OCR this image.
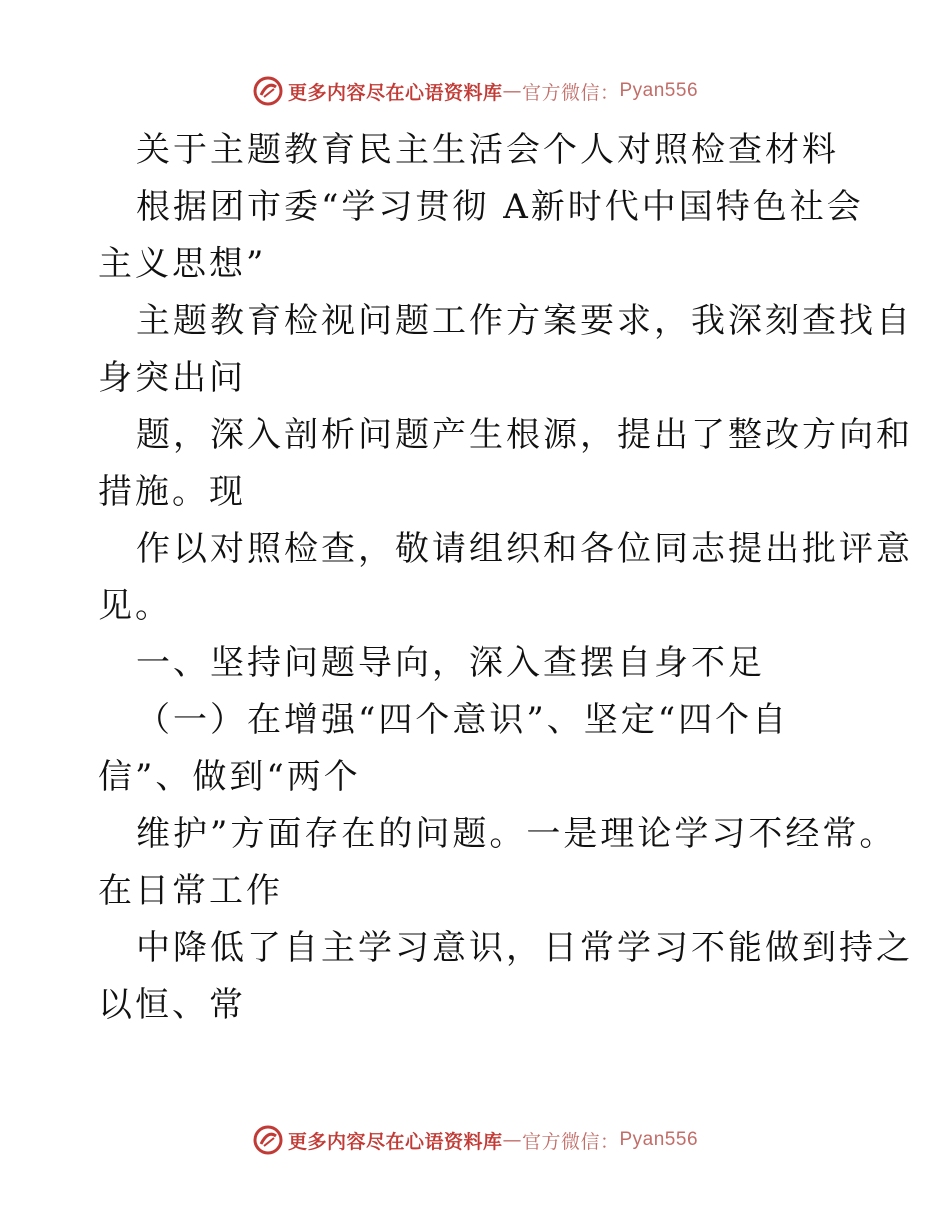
更多内容尽在心语资料库 — 官方微信： Pyan556
关于主题教育民主生活会个人对照检查材料
根据团市委“学习贯彻 A新时代中国特色社会
主义思想”
主题教育检视问题工作方案要求，我深刻查找自
身突出问
题，深入剖析问题产生根源，提出了整改方向和
措施。现
作以对照检查，敬请组织和各位同志提出批评意
见。
一、坚持问题导向，深入查摆自身不足
（一）在增强“四个意识”、坚定“四个自
信”、做到“两个
维护”方面存在的问题。一是理论学习不经常。
在日常工作
中降低了自主学习意识，日常学习不能做到持之
以恒、常
更多内容尽在心语资料库 — 官方微信： Pyan556
